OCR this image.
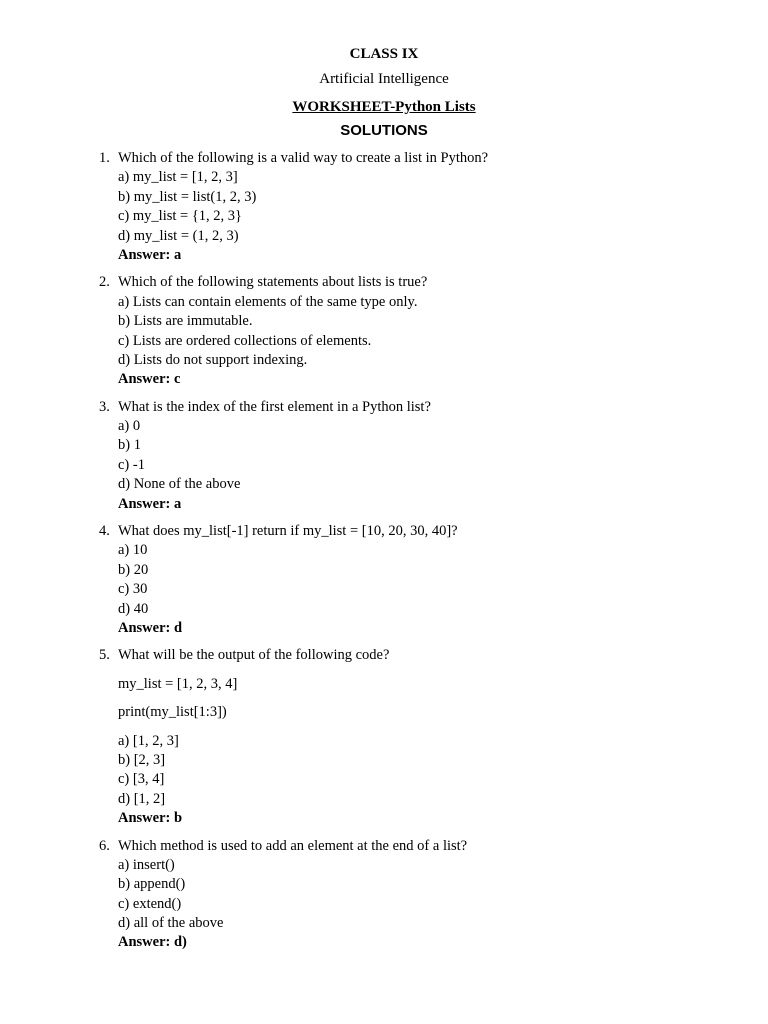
CLASS IX
Artificial Intelligence
WORKSHEET-Python Lists
SOLUTIONS
1. Which of the following is a valid way to create a list in Python?
a) my_list = [1, 2, 3]
b) my_list = list(1, 2, 3)
c) my_list = {1, 2, 3}
d) my_list = (1, 2, 3)
Answer: a
2. Which of the following statements about lists is true?
a) Lists can contain elements of the same type only.
b) Lists are immutable.
c) Lists are ordered collections of elements.
d) Lists do not support indexing.
Answer: c
3. What is the index of the first element in a Python list?
a) 0
b) 1
c) -1
d) None of the above
Answer: a
4. What does my_list[-1] return if my_list = [10, 20, 30, 40]?
a) 10
b) 20
c) 30
d) 40
Answer: d
5. What will be the output of the following code?
my_list = [1, 2, 3, 4]
print(my_list[1:3])
a) [1, 2, 3]
b) [2, 3]
c) [3, 4]
d) [1, 2]
Answer: b
6. Which method is used to add an element at the end of a list?
a) insert()
b) append()
c) extend()
d) all of the above
Answer: d)
